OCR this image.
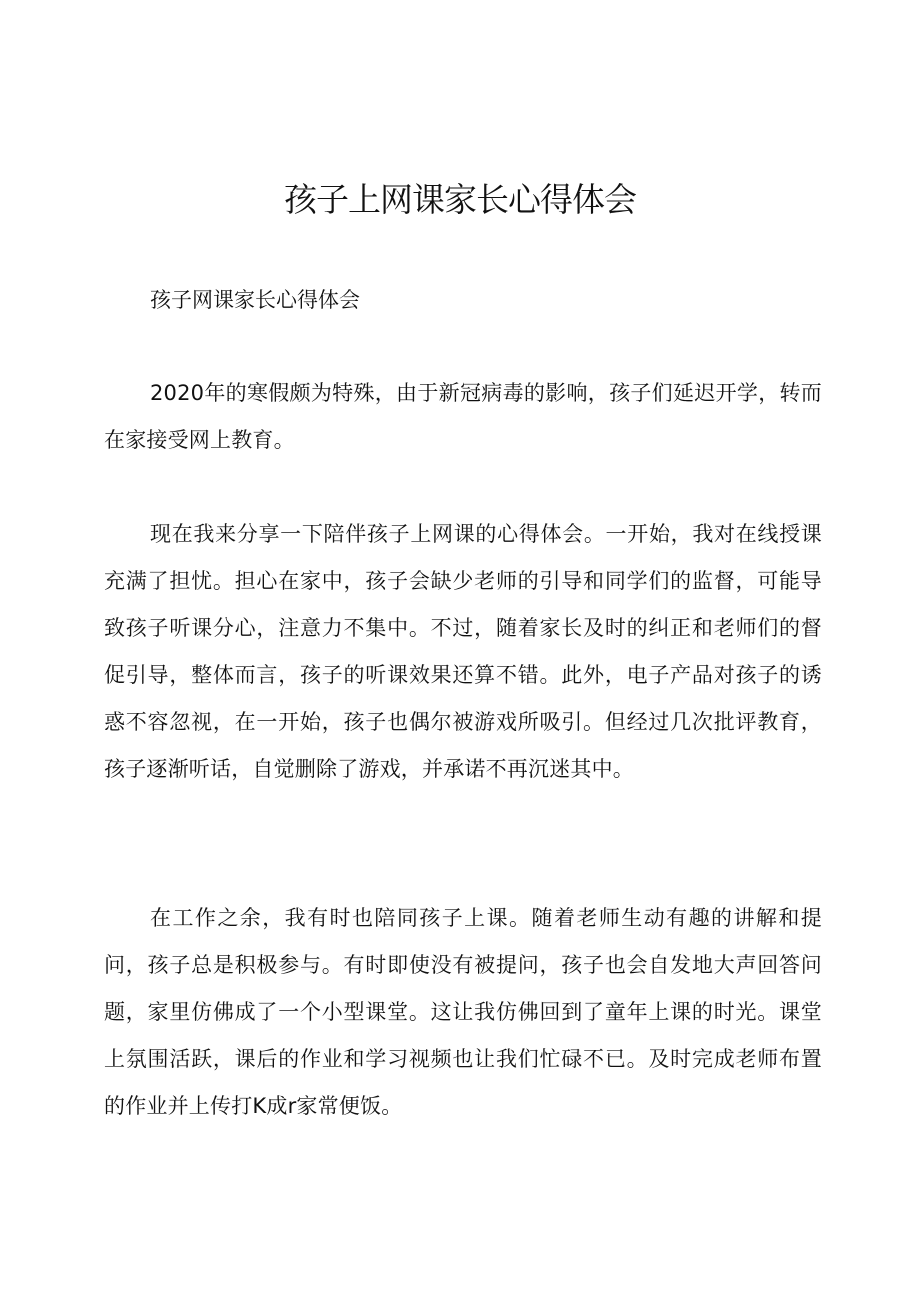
孩子上网课家长心得体会

孩子网课家长心得体会

2020年的寒假颇为特殊，由于新冠病毒的影响，孩子们延迟开学，转而在家接受网上教育。

现在我来分享一下陪伴孩子上网课的心得体会。一开始，我对在线授课充满了担忧。担心在家中，孩子会缺少老师的引导和同学们的监督，可能导致孩子听课分心，注意力不集中。不过，随着家长及时的纠正和老师们的督促引导，整体而言，孩子的听课效果还算不错。此外，电子产品对孩子的诱惑不容忽视，在一开始，孩子也偶尔被游戏所吸引。但经过几次批评教育，孩子逐渐听话，自觉删除了游戏，并承诺不再沉迷其中。

在工作之余，我有时也陪同孩子上课。随着老师生动有趣的讲解和提问，孩子总是积极参与。有时即使没有被提问，孩子也会自发地大声回答问题，家里仿佛成了一个小型课堂。这让我仿佛回到了童年上课的时光。课堂上氛围活跃，课后的作业和学习视频也让我们忙碌不已。及时完成老师布置的作业并上传打K成r家常便饭。
